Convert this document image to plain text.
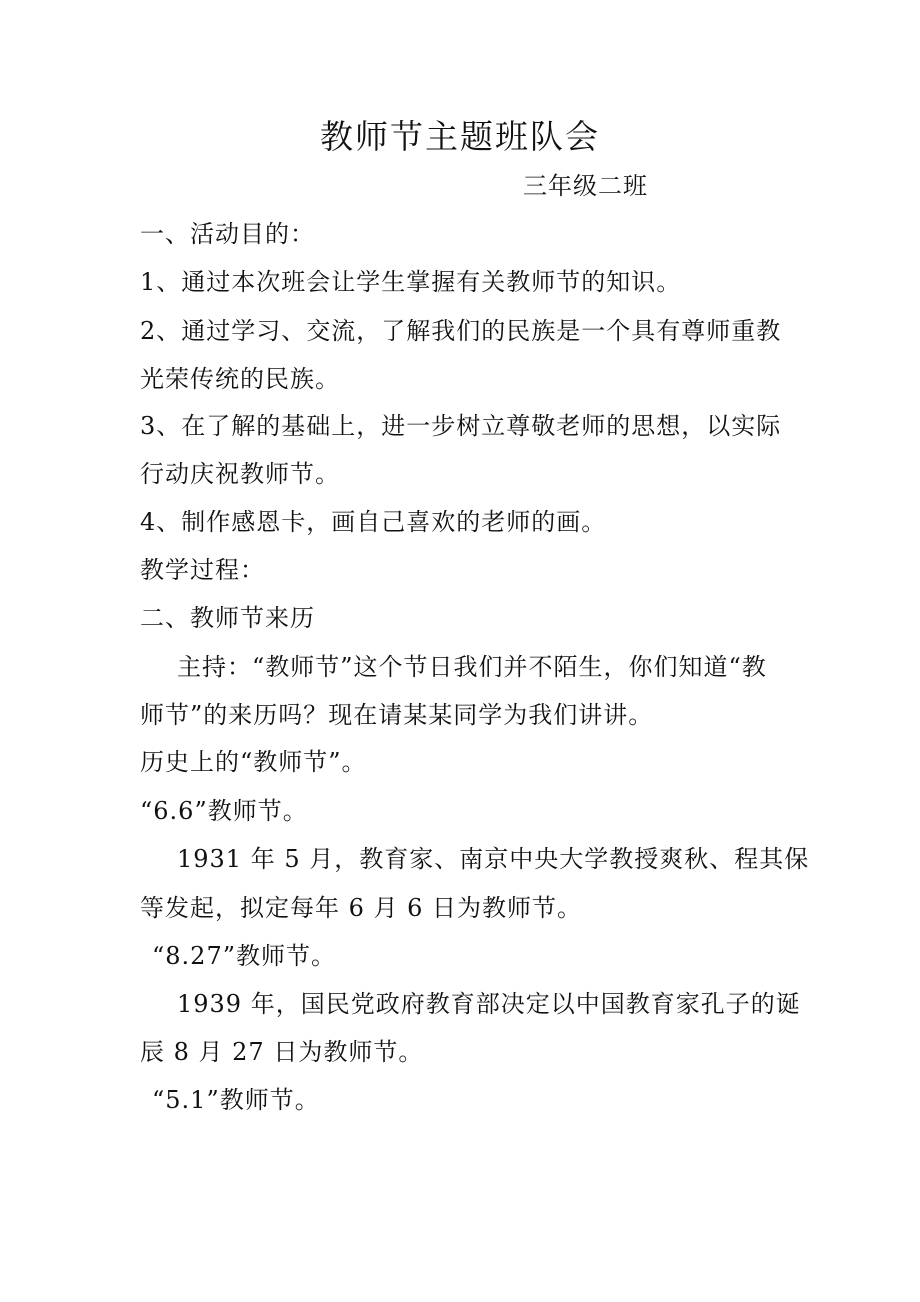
教师节主题班队会
三年级二班
一、活动目的：
1、通过本次班会让学生掌握有关教师节的知识。
2、通过学习、交流，了解我们的民族是一个具有尊师重教
光荣传统的民族。
3、在了解的基础上，进一步树立尊敬老师的思想，以实际
行动庆祝教师节。
4、制作感恩卡，画自己喜欢的老师的画。
教学过程：
二、教师节来历
主持：“教师节”这个节日我们并不陌生，你们知道“教
师节”的来历吗？现在请某某同学为我们讲讲。
历史上的“教师节”。
“6.6”教师节。
1931 年 5 月，教育家、南京中央大学教授爽秋、程其保
等发起，拟定每年 6 月 6 日为教师节。
“8.27”教师节。
1939 年，国民党政府教育部决定以中国教育家孔子的诞
辰 8 月 27 日为教师节。
“5.1”教师节。
